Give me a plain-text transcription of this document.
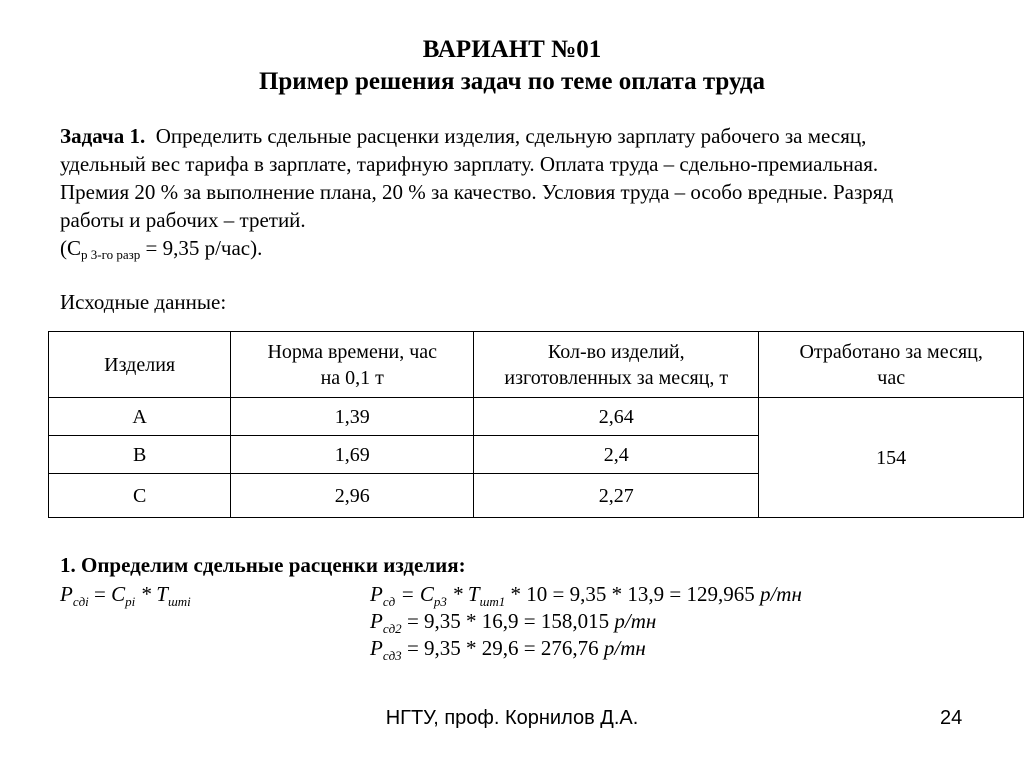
ВАРИАНТ №01
Пример решения задач по теме оплата труда
Задача 1. Определить сдельные расценки изделия, сдельную зарплату рабочего за месяц,
удельный вес тарифа в зарплате, тарифную зарплату. Оплата труда – сдельно-премиальная.
Премия 20 % за выполнение плана, 20 % за качество. Условия труда – особо вредные. Разряд
работы и рабочих – третий.
(Ср 3-го разр = 9,35 р/час).
Исходные данные:
Изделия	Норма времени, час на 0,1 т	Кол-во изделий, изготовленных за месяц, т	Отработано за месяц, час
А	1,39	2,64	154
В	1,69	2,4	
С	2,96	2,27	
1. Определим сдельные расценки изделия:
$Р_{сдi} = С_{рi} * Т_{штi}$	$Р_{сд} = С_{р3} * Т_{шт1} * 10 = 9,35 * 13,9 = 129,965$ р/тн
$Р_{сд2} = 9,35 * 16,9 = 158,015$ р/тн
$Р_{сд3} = 9,35 * 29,6 = 276,76$ р/тн
НГТУ, проф. Корнилов Д.А.	24
